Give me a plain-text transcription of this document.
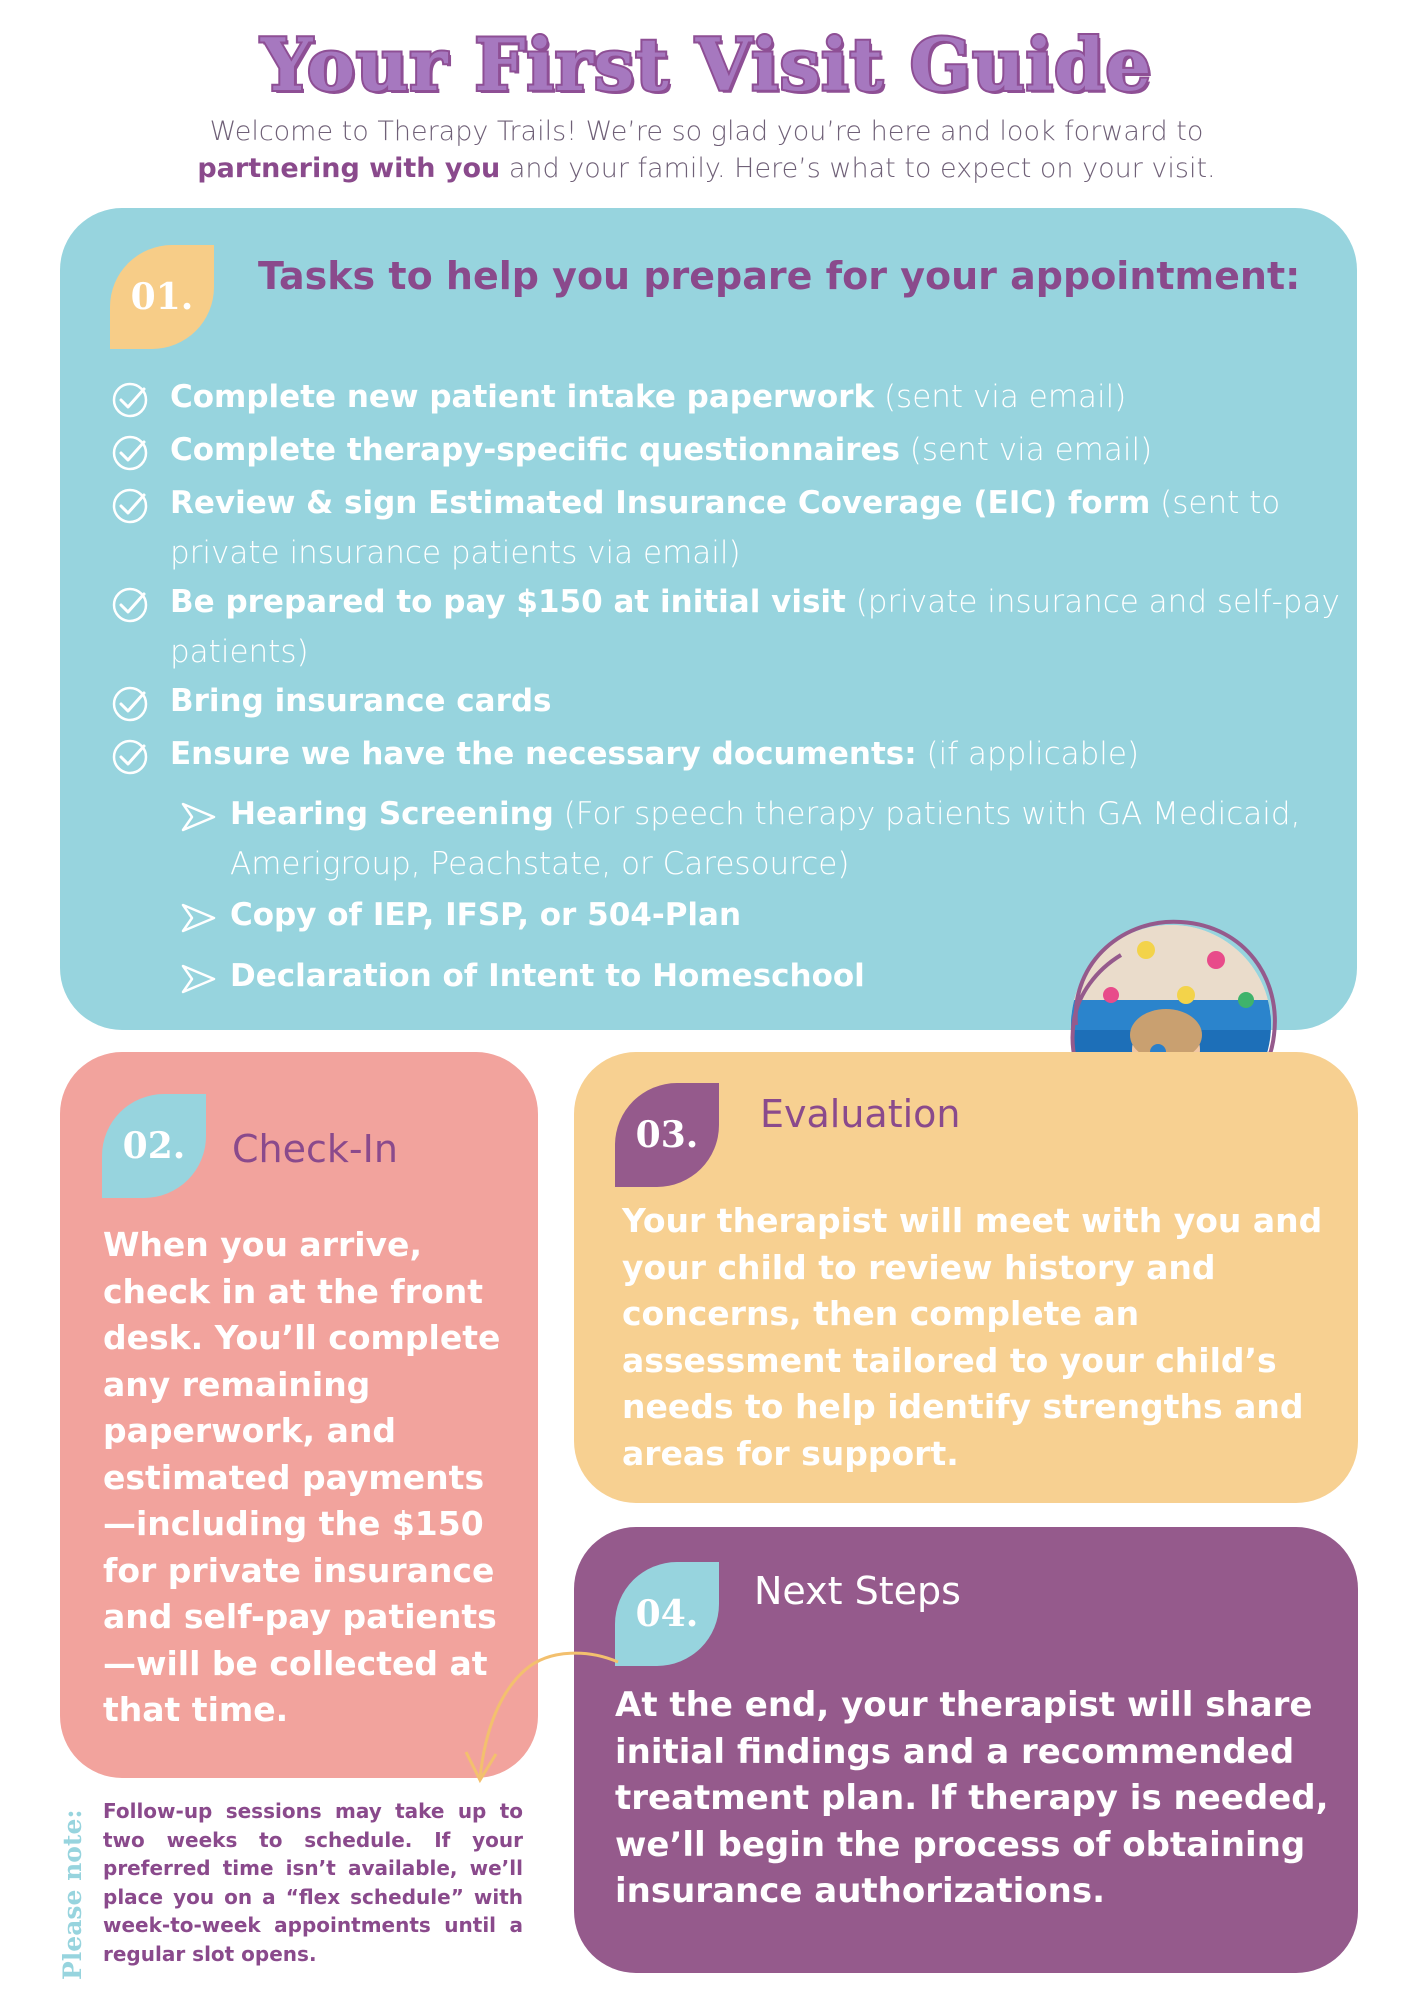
Your First Visit Guide
Welcome to Therapy Trails! We’re so glad you’re here and look forward to
partnering with you and your family. Here’s what to expect on your visit.
01.	Tasks to help you prepare for your appointment:
Complete new patient intake paperwork (sent via email)
Complete therapy-specific questionnaires (sent via email)
Review & sign Estimated Insurance Coverage (EIC) form (sent to private insurance patients via email)
Be prepared to pay $150 at initial visit (private insurance and self-pay patients)
Bring insurance cards
Ensure we have the necessary documents: (if applicable)
Hearing Screening (For speech therapy patients with GA Medicaid, Amerigroup, Peachstate, or Caresource)
Copy of IEP, IFSP, or 504-Plan
Declaration of Intent to Homeschool
02.	Check-In
When you arrive, check in at the front desk. You’ll complete any remaining paperwork, and estimated payments —including the $150 for private insurance and self-pay patients —will be collected at that time.
03.	Evaluation
Your therapist will meet with you and your child to review history and concerns, then complete an assessment tailored to your child’s needs to help identify strengths and areas for support.
04.
Next Steps
At the end, your therapist will share initial findings and a recommended treatment plan. If therapy is needed, we’ll begin the process of obtaining insurance authorizations.
Please note: Follow-up sessions may take up to two weeks to schedule. If your preferred time isn’t available, we’ll place you on a “flex schedule” with week-to-week appointments until a regular slot opens.
